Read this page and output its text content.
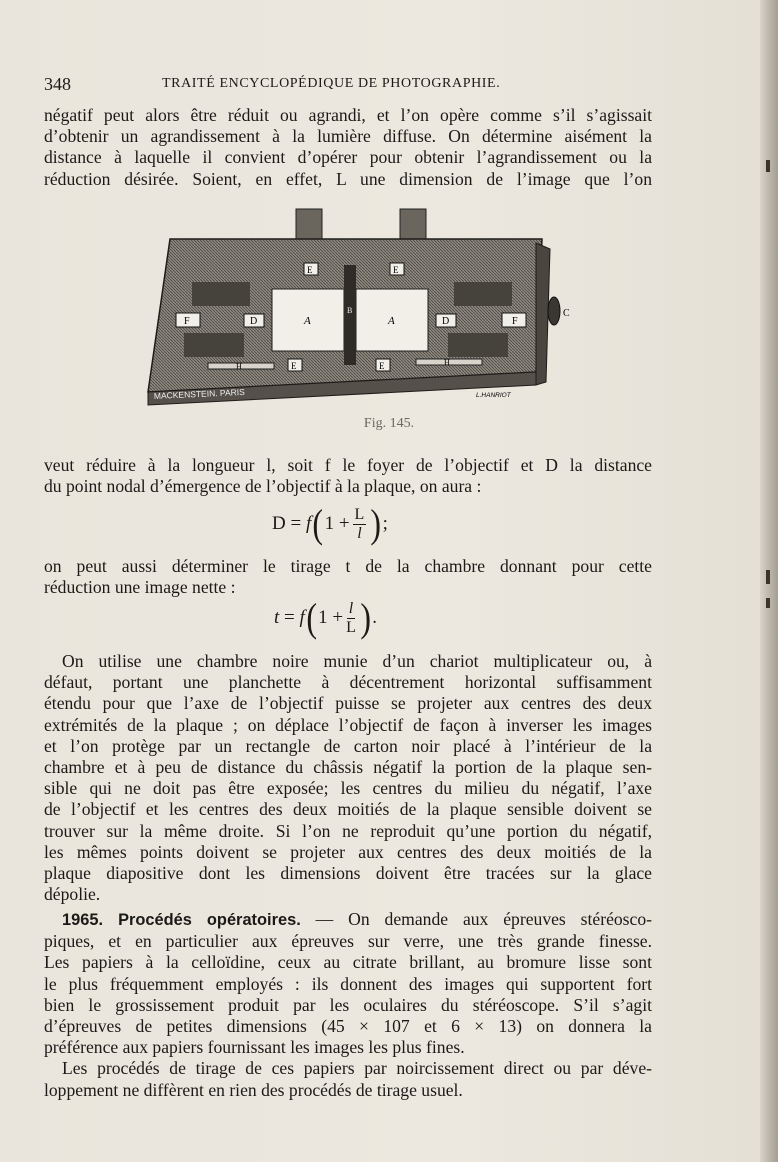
348	TRAITÉ ENCYCLOPÉDIQUE DE PHOTOGRAPHIE.

négatif peut alors être réduit ou agrandi, et l’on opère comme s’il s’agissait
d’obtenir un agrandissement à la lumière diffuse. On détermine aisément la
distance à laquelle il convient d’opérer pour obtenir l’agrandissement ou la
réduction désirée. Soient, en effet, L une dimension de l’image que l’on

C
A	A
B
F	D	D	F
E	E
E	E
H	H
MACKENSTEIN. PARIS	L.HANRIOT
Fig. 145.

veut réduire à la longueur l, soit f le foyer de l’objectif et D la distance
du point nodal d’émergence de l’objectif à la plaque, on aura :

D
=
f ( 1
+ $\frac{L}{l}$ ) ;

on peut aussi déterminer le tirage t de la chambre donnant pour cette
réduction une image nette :

t
=
f ( 1
+ $\frac{l}{L}$ ) .

On utilise une chambre noire munie d’un chariot multiplicateur ou, à
défaut, portant une planchette à décentrement horizontal suffisamment
étendu pour que l’axe de l’objectif puisse se projeter aux centres des deux
extrémités de la plaque ; on déplace l’objectif de façon à inverser les images
et l’on protège par un rectangle de carton noir placé à l’intérieur de la
chambre et à peu de distance du châssis négatif la portion de la plaque sen-
sible qui ne doit pas être exposée; les centres du milieu du négatif, l’axe
de l’objectif et les centres des deux moitiés de la plaque sensible doivent se
trouver sur la même droite. Si l’on ne reproduit qu’une portion du négatif,
les mêmes points doivent se projeter aux centres des deux moitiés de la
plaque diapositive dont les dimensions doivent être tracées sur la glace
dépolie.

1965. Procédés opératoires. — On demande aux épreuves stéréosco-
piques, et en particulier aux épreuves sur verre, une très grande finesse.
Les papiers à la celloïdine, ceux au citrate brillant, au bromure lisse sont
le plus fréquemment employés : ils donnent des images qui supportent fort
bien le grossissement produit par les oculaires du stéréoscope. S’il s’agit
d’épreuves de petites dimensions (45 × 107 et 6 × 13) on donnera la
préférence aux papiers fournissant les images les plus fines.
Les procédés de tirage de ces papiers par noircissement direct ou par déve-
loppement ne diffèrent en rien des procédés de tirage usuel.
